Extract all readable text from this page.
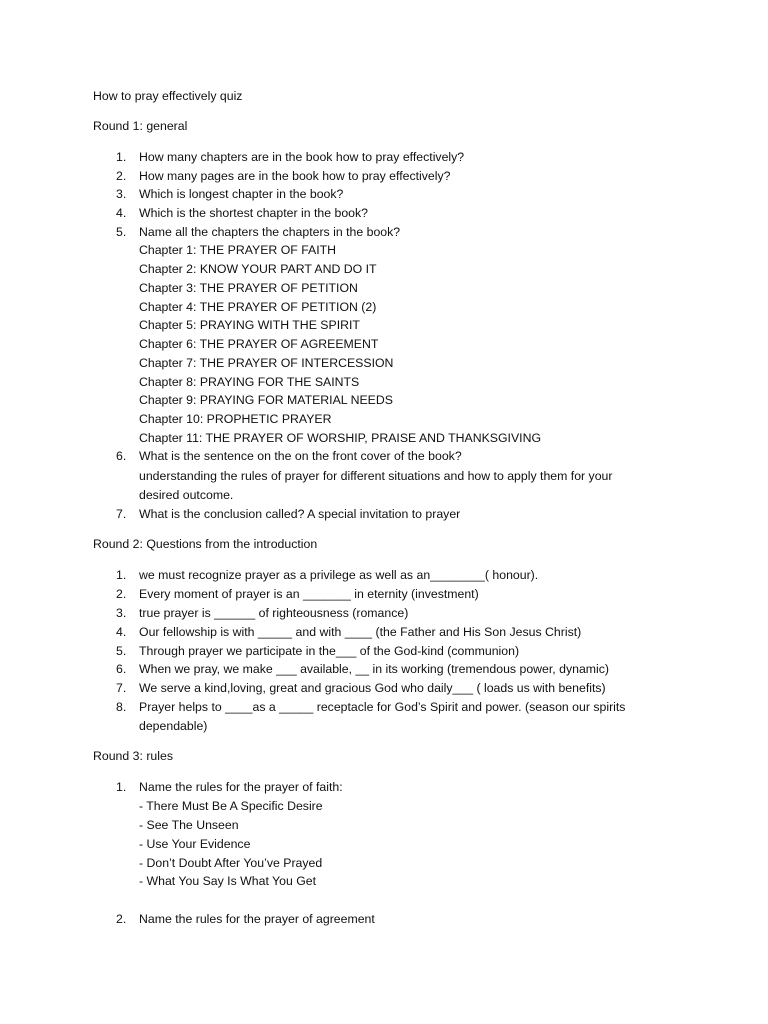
How to pray effectively quiz
Round 1: general
1. How many chapters are in the book how to pray effectively?
2. How many pages are in the book how to pray effectively?
3. Which is longest chapter in the book?
4. Which is the shortest chapter in the book?
5. Name all the chapters the chapters in the book?
Chapter 1: THE PRAYER OF FAITH
Chapter 2: KNOW YOUR PART AND DO IT
Chapter 3: THE PRAYER OF PETITION
Chapter 4: THE PRAYER OF PETITION (2)
Chapter 5: PRAYING WITH THE SPIRIT
Chapter 6: THE PRAYER OF AGREEMENT
Chapter 7: THE PRAYER OF INTERCESSION
Chapter 8: PRAYING FOR THE SAINTS
Chapter 9: PRAYING FOR MATERIAL NEEDS
Chapter 10: PROPHETIC PRAYER
Chapter 11: THE PRAYER OF WORSHIP, PRAISE AND THANKSGIVING
6. What is the sentence on the on the front cover of the book?
understanding the rules of prayer for different situations and how to apply them for your
desired outcome.
7. What is the conclusion called? A special invitation to prayer
Round 2: Questions from the introduction
1. we must recognize prayer as a privilege as well as an________( honour).
2. Every moment of prayer is an _______ in eternity (investment)
3. true prayer is ______ of righteousness (romance)
4. Our fellowship is with _____ and with ____ (the Father and His Son Jesus Christ)
5. Through prayer we participate in the___ of the God-kind (communion)
6. When we pray, we make ___ available, __ in its working (tremendous power, dynamic)
7. We serve a kind,loving, great and gracious God who daily___ ( loads us with benefits)
8. Prayer helps to ____as a _____ receptacle for God’s Spirit and power. (season our spirits
dependable)
Round 3: rules
1. Name the rules for the prayer of faith:
- There Must Be A Specific Desire
- See The Unseen
- Use Your Evidence
- Don’t Doubt After You’ve Prayed
- What You Say Is What You Get
2. Name the rules for the prayer of agreement
